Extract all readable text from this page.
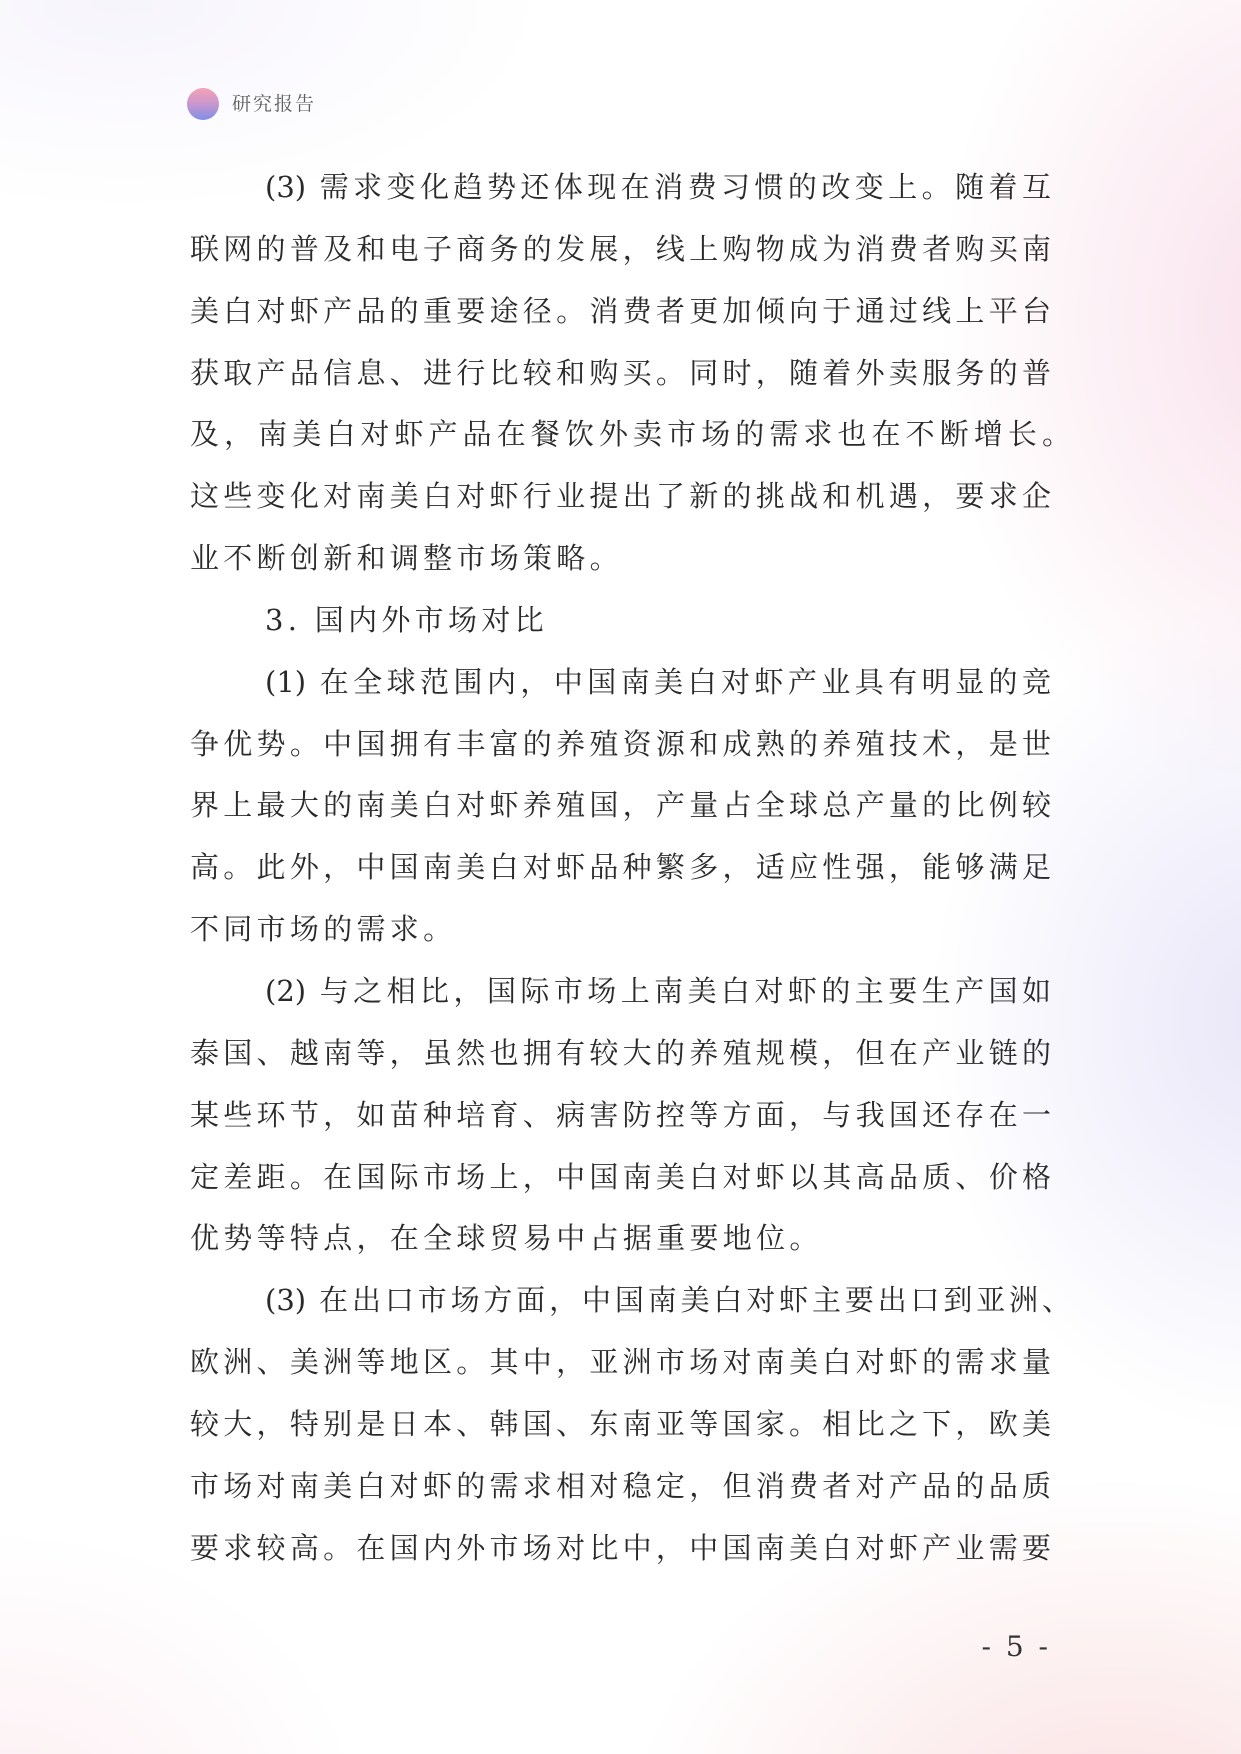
研究报告
(3) 需求变化趋势还体现在消费习惯的改变上。随着互
联网的普及和电子商务的发展，线上购物成为消费者购买南
美白对虾产品的重要途径。消费者更加倾向于通过线上平台
获取产品信息、进行比较和购买。同时，随着外卖服务的普
及，南美白对虾产品在餐饮外卖市场的需求也在不断增长。
这些变化对南美白对虾行业提出了新的挑战和机遇，要求企
业不断创新和调整市场策略。
3. 国内外市场对比
(1) 在全球范围内，中国南美白对虾产业具有明显的竞
争优势。中国拥有丰富的养殖资源和成熟的养殖技术，是世
界上最大的南美白对虾养殖国，产量占全球总产量的比例较
高。此外，中国南美白对虾品种繁多，适应性强，能够满足
不同市场的需求。
(2) 与之相比，国际市场上南美白对虾的主要生产国如
泰国、越南等，虽然也拥有较大的养殖规模，但在产业链的
某些环节，如苗种培育、病害防控等方面，与我国还存在一
定差距。在国际市场上，中国南美白对虾以其高品质、价格
优势等特点，在全球贸易中占据重要地位。
(3) 在出口市场方面，中国南美白对虾主要出口到亚洲、
欧洲、美洲等地区。其中，亚洲市场对南美白对虾的需求量
较大，特别是日本、韩国、东南亚等国家。相比之下，欧美
市场对南美白对虾的需求相对稳定，但消费者对产品的品质
要求较高。在国内外市场对比中，中国南美白对虾产业需要
- 5 -
